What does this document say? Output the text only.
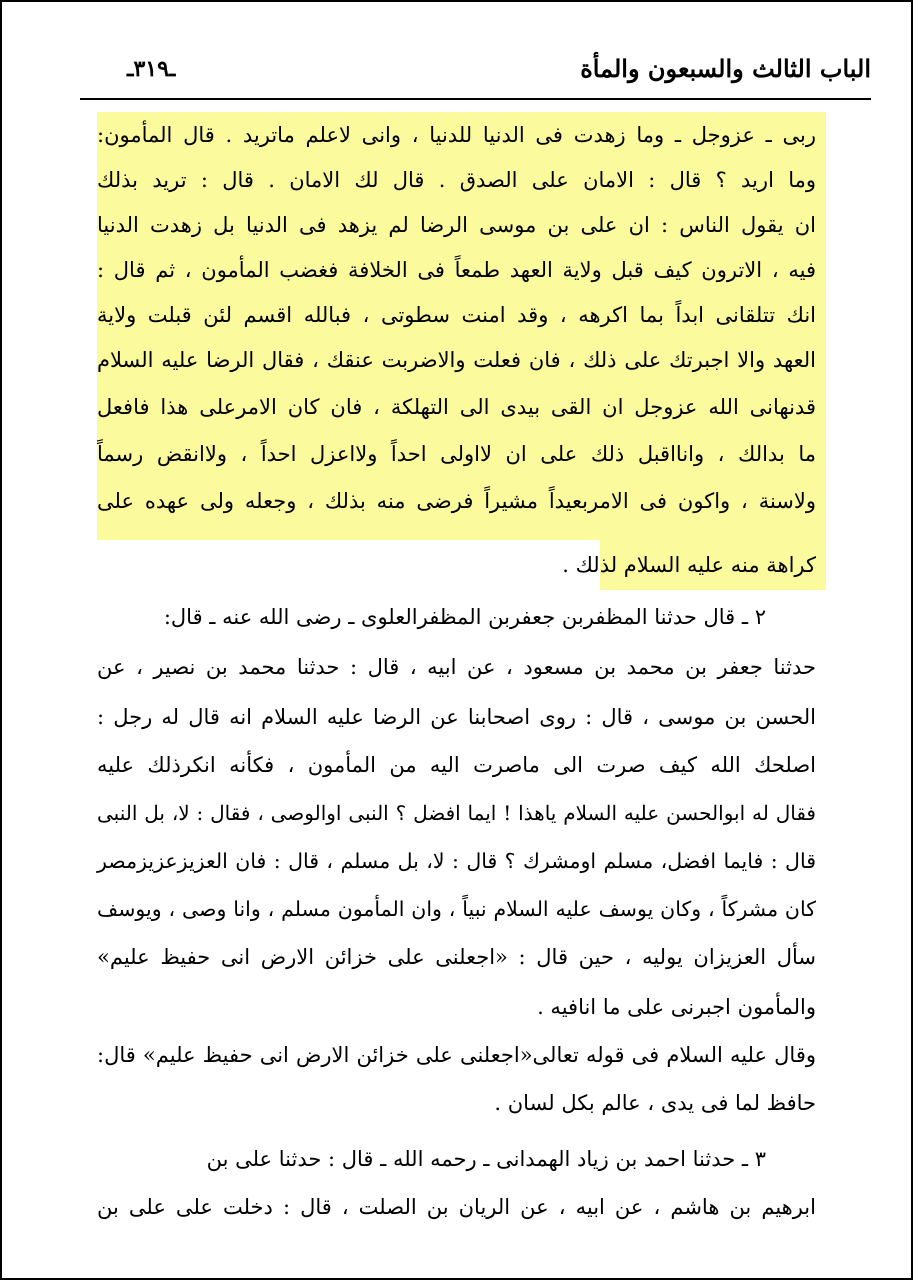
الباب الثالث والسبعون والمأة
ـ٣١٩ـ
ربى ـ عزوجل ـ وما زهدت فى الدنيا للدنيا ، وانى لاعلم ماتريد . قال المأمون:
وما اريد ؟ قال : الامان على الصدق . قال لك الامان . قال : تريد بذلك
ان يقول الناس : ان على بن موسى الرضا لم يزهد فى الدنيا بل زهدت الدنيا
فيه ، الاترون كيف قبل ولاية العهد طمعاً فى الخلافة فغضب المأمون ، ثم قال :
انك تتلقانى ابداً بما اكرهه ، وقد امنت سطوتى ، فبالله اقسم لئن قبلت ولاية
العهد والا اجبرتك على ذلك ، فان فعلت والاضربت عنقك ، فقال الرضا عليه السلام
قدنهانى الله عزوجل ان القى بيدى الى التهلكة ، فان كان الامرعلى هذا فافعل
ما بدالك ، وانااقبل ذلك على ان لااولى احداً ولااعزل احداً ، ولاانقض رسماً
ولاسنة ، واكون فى الامربعيداً مشيراً فرضى منه بذلك ، وجعله ولى عهده على
كراهة منه عليه السلام لذلك .
٢ ـ قال حدثنا المظفربن جعفربن المظفرالعلوى ـ رضى الله عنه ـ قال:
حدثنا جعفر بن محمد بن مسعود ، عن ابيه ، قال : حدثنا محمد بن نصير ، عن
الحسن بن موسى ، قال : روى اصحابنا عن الرضا عليه السلام انه قال له رجل :
اصلحك الله كيف صرت الى ماصرت اليه من المأمون ، فكأنه انكرذلك عليه
فقال له ابوالحسن عليه السلام ياهذا ! ايما افضل ؟ النبى اوالوصى ، فقال : لا، بل النبى
قال : فايما افضل، مسلم اومشرك ؟ قال : لا، بل مسلم ، قال : فان العزيزعزيزمصر
كان مشركاً ، وكان يوسف عليه السلام نبياً ، وان المأمون مسلم ، وانا وصى ، ويوسف
سأل العزيزان يوليه ، حين قال : «اجعلنى على خزائن الارض انى حفيظ عليم»
والمأمون اجبرنى على ما انافيه .
وقال عليه السلام فى قوله تعالى«اجعلنى على خزائن الارض انى حفيظ عليم» قال:
حافظ لما فى يدى ، عالم بكل لسان .
٣ ـ حدثنا احمد بن زياد الهمدانى ـ رحمه الله ـ قال : حدثنا على بن
ابرهيم بن هاشم ، عن ابيه ، عن الريان بن الصلت ، قال : دخلت على على بن
